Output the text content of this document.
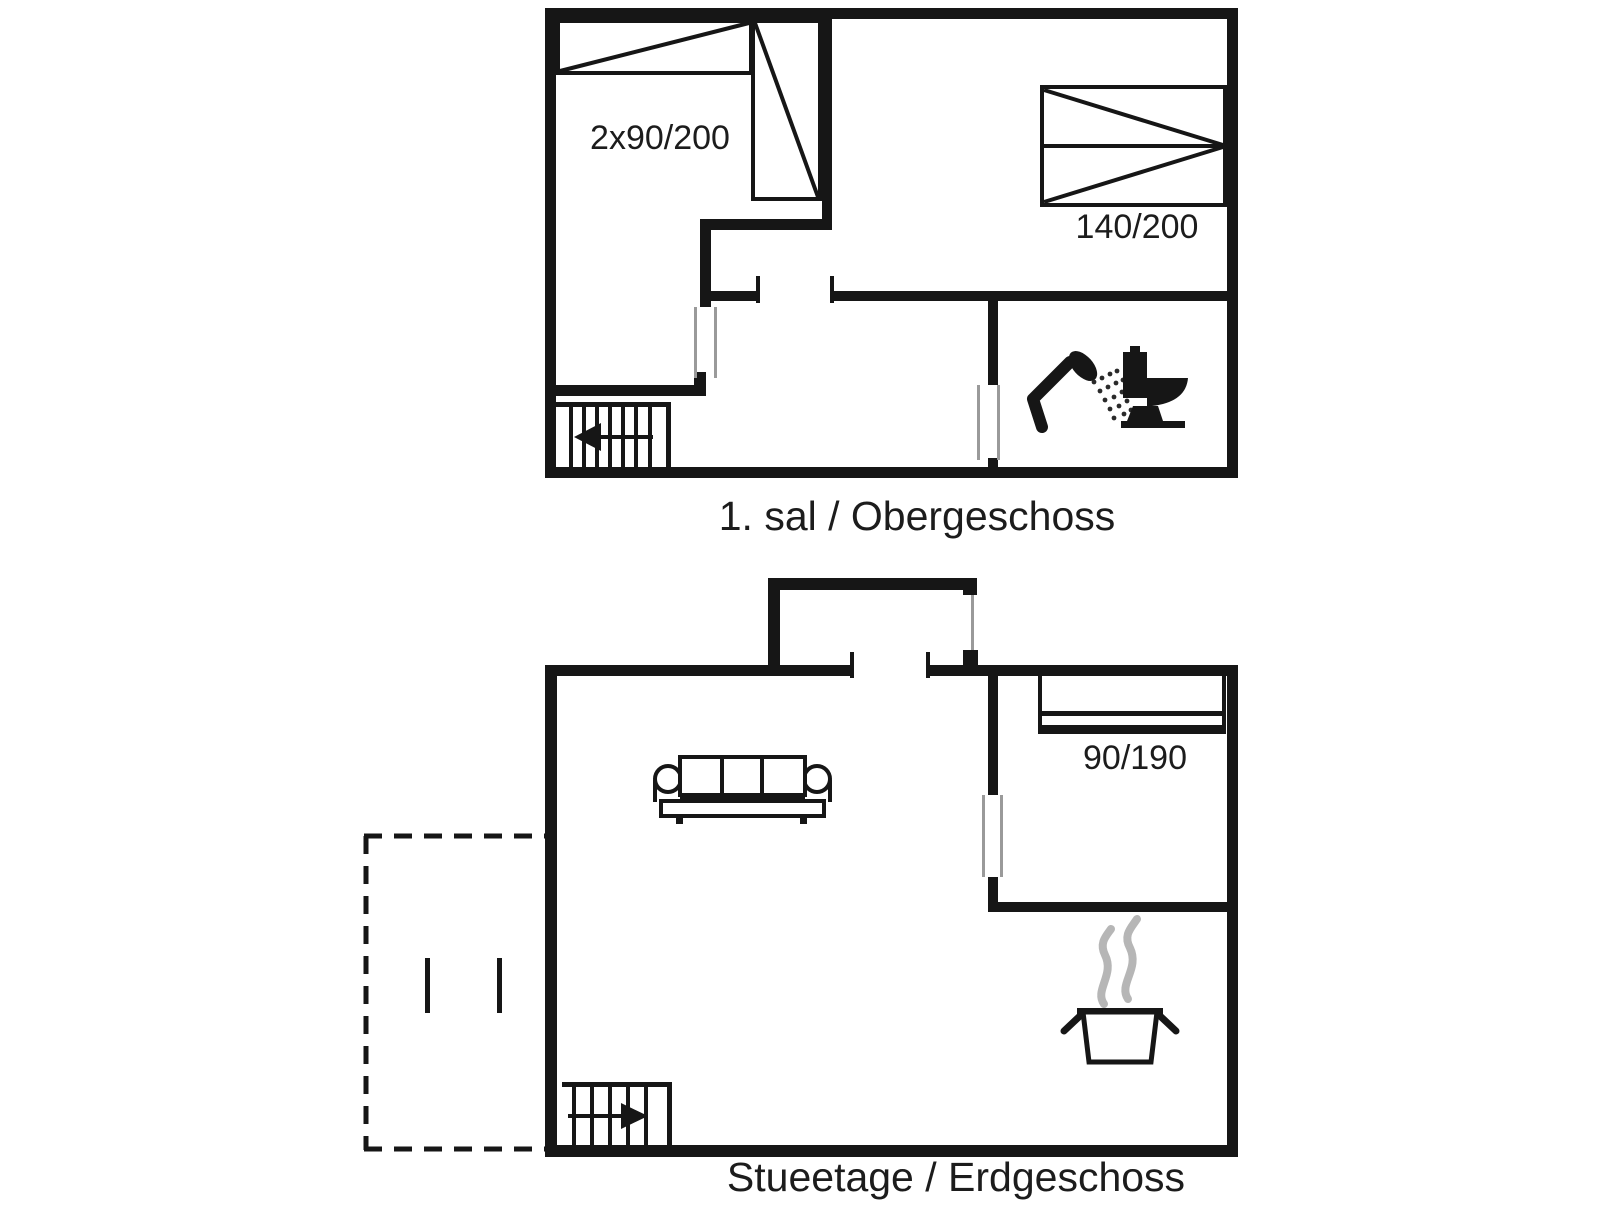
2x90/200
140/200
90/190
1. sal / Obergeschoss
Stueetage / Erdgeschoss
